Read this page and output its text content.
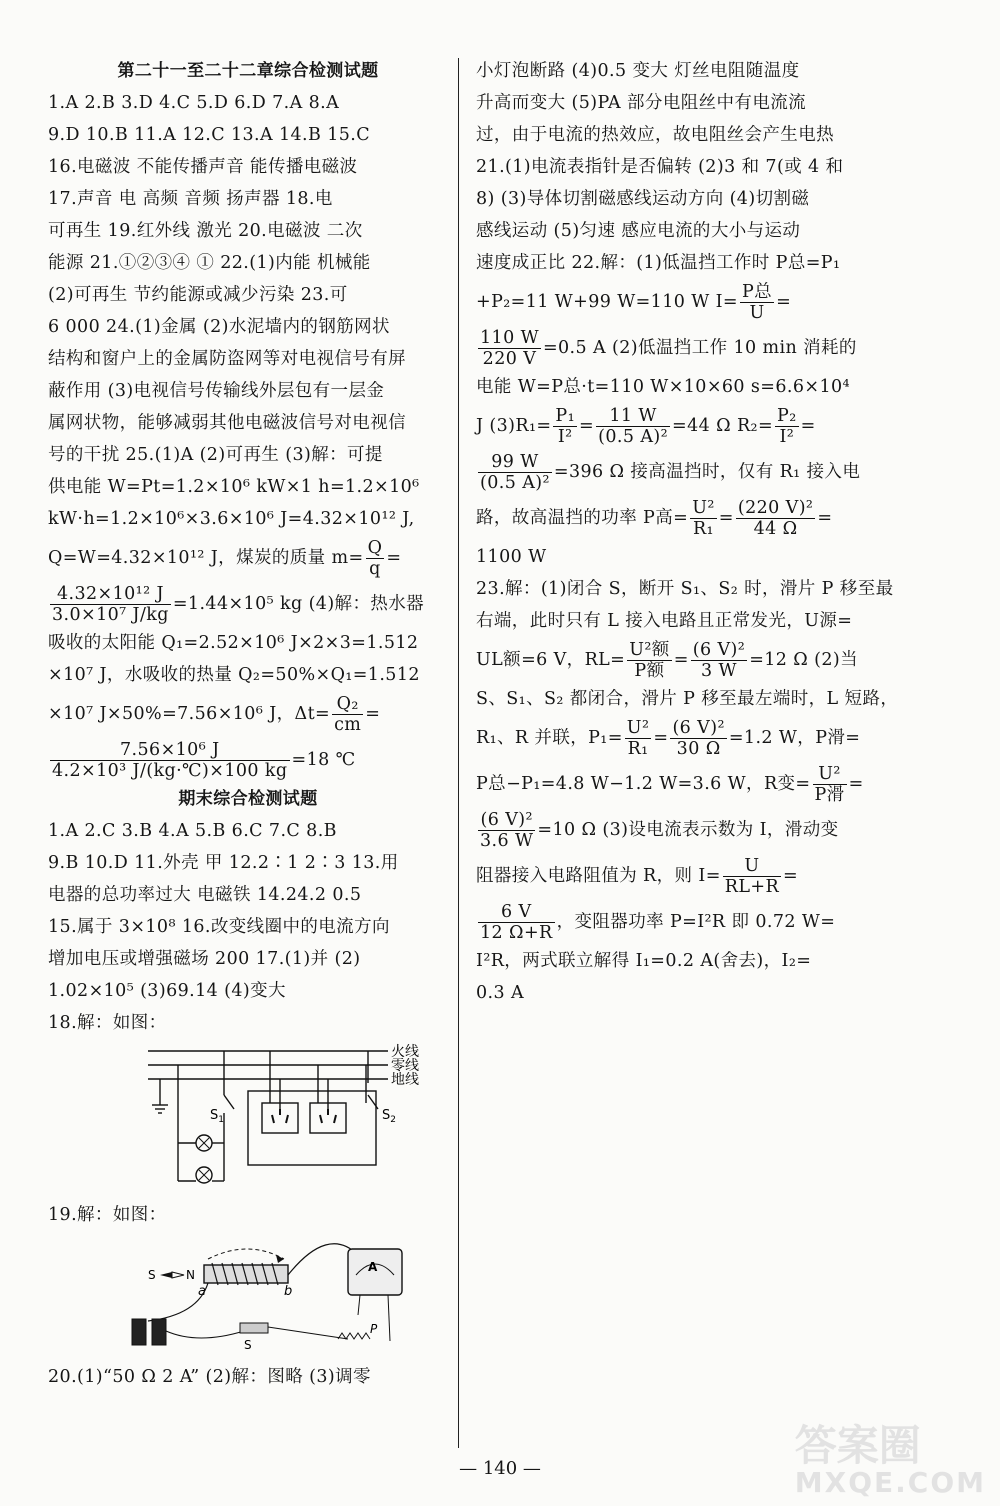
第二十一至二十二章综合检测试题
1.A 2.B 3.D 4.C 5.D 6.D 7.A 8.A
9.D 10.B 11.A 12.C 13.A 14.B 15.C
16.电磁波 不能传播声音 能传播电磁波
17.声音 电 高频 音频 扬声器 18.电
可再生 19.红外线 激光 20.电磁波 二次
能源 21.①②③④ ① 22.(1)内能 机械能
(2)可再生 节约能源或减少污染 23.可
6 000 24.(1)金属 (2)水泥墙内的钢筋网状
结构和窗户上的金属防盗网等对电视信号有屏
蔽作用 (3)电视信号传输线外层包有一层金
属网状物，能够减弱其他电磁波信号对电视信
号的干扰 25.(1)A (2)可再生 (3)解：可提
供电能 W=Pt=1.2×10⁶ kW×1 h=1.2×10⁶
kW·h=1.2×10⁶×3.6×10⁶ J=4.32×10¹² J,
Q=W=4.32×10¹² J，煤炭的质量 $m= \frac{Q}{q}$ =
$\frac{\text{4.32×10¹² J}}{\text{3.0×10⁷ J/kg}} =1.44\times 10^5$ kg (4)解：热水器
吸收的太阳能 Q₁=2.52×10⁶ J×2×3=1.512
×10⁷ J，水吸收的热量 Q₂=50%×Q₁=1.512
×10⁷ J×50%=7.56×10⁶ J，$\Delta t= \frac{\text{Q₂}}{cm}$ =
$\frac{\text{7.56×10⁶ J}}{\text{4.2×10³ J/(kg·℃)×100 kg}} =18$ ℃
期末综合检测试题
1.A 2.C 3.B 4.A 5.B 6.C 7.C 8.B
9.B 10.D 11.外壳 甲 12.2∶1 2∶3 13.用
电器的总功率过大 电磁铁 14.24.2 0.5
15.属于 3×10⁸ 16.改变线圈中的电流方向
增加电压或增强磁场 200 17.(1)并 (2)
1.02×10⁵ (3)69.14 (4)变大
18.解：如图：
火线
零线
地线
$S_1$	$S_2$
19.解：如图：
S	N
a	b
A
S
P
20.(1)“50 Ω 2 A” (2)解：图略 (3)调零
小灯泡断路 (4)0.5 变大 灯丝电阻随温度
升高而变大 (5)PA 部分电阻丝中有电流流
过，由于电流的热效应，故电阻丝会产生电热
21.(1)电流表指针是否偏转 (2)3 和 7(或 4 和
8) (3)导体切割磁感线运动方向 (4)切割磁
感线运动 (5)匀速 感应电流的大小与运动
速度成正比 22.解：(1)低温挡工作时 P总=P₁
+P₂=11 W+99 W=110 W $I= \frac{\text{P总}}{U}$ =
$\frac{110 W}{220 V} =0.5$ A (2)低温挡工作 10 min 消耗的
电能 W=P总·t=110 W×10×60 s=6.6×10⁴
J $(3)R_1= \frac{\text{P₁}}{\text{I²}} = \frac{11 W}{\text{(0.5 A)²}} =44$ Ω $R_2= \frac{\text{P₂}}{\text{I²}}$ =
$\frac{99 W}{\text{(0.5 A)²}} =396$ Ω 接高温挡时，仅有 R₁ 接入电
路，故高温挡的功率 P高= $\frac{\text{U²}}{\text{R₁}} = \frac{\text{(220 V)²}}{44 \Omega}$ =
1100 W
23.解：(1)闭合 S，断开 S₁、S₂ 时，滑片 P 移至最
右端，此时只有 L 接入电路且正常发光，U源=
UL额=6 V，$RL= \frac{\text{U²额}}{\text{P额}} = \frac{\text{(6 V)²}}{3 W} =12$ Ω (2)当
S、S₁、S₂ 都闭合，滑片 P 移至最左端时，L 短路，
R₁、R 并联，$P_1= \frac{\text{U²}}{\text{R₁}} = \frac{\text{(6 V)²}}{30 \Omega} =1.2$ W，P滑=
P总−P₁=4.8 W−1.2 W=3.6 W，R变= $\frac{\text{U²}}{\text{P滑}}$ =
$\frac{\text{(6 V)²}}{3.6 W} =10$ Ω (3)设电流表示数为 I，滑动变
阻器接入电路阻值为 R，则 $I= \frac{U}{RL+R}$ =
$\frac{6 V}{12 \Omega+R}$ ，变阻器功率 P=I²R 即 0.72 W=
I²R，两式联立解得 I₁=0.2 A(舍去)，I₂=
0.3 A
— 140 —	答案圈
MXQE.COM
